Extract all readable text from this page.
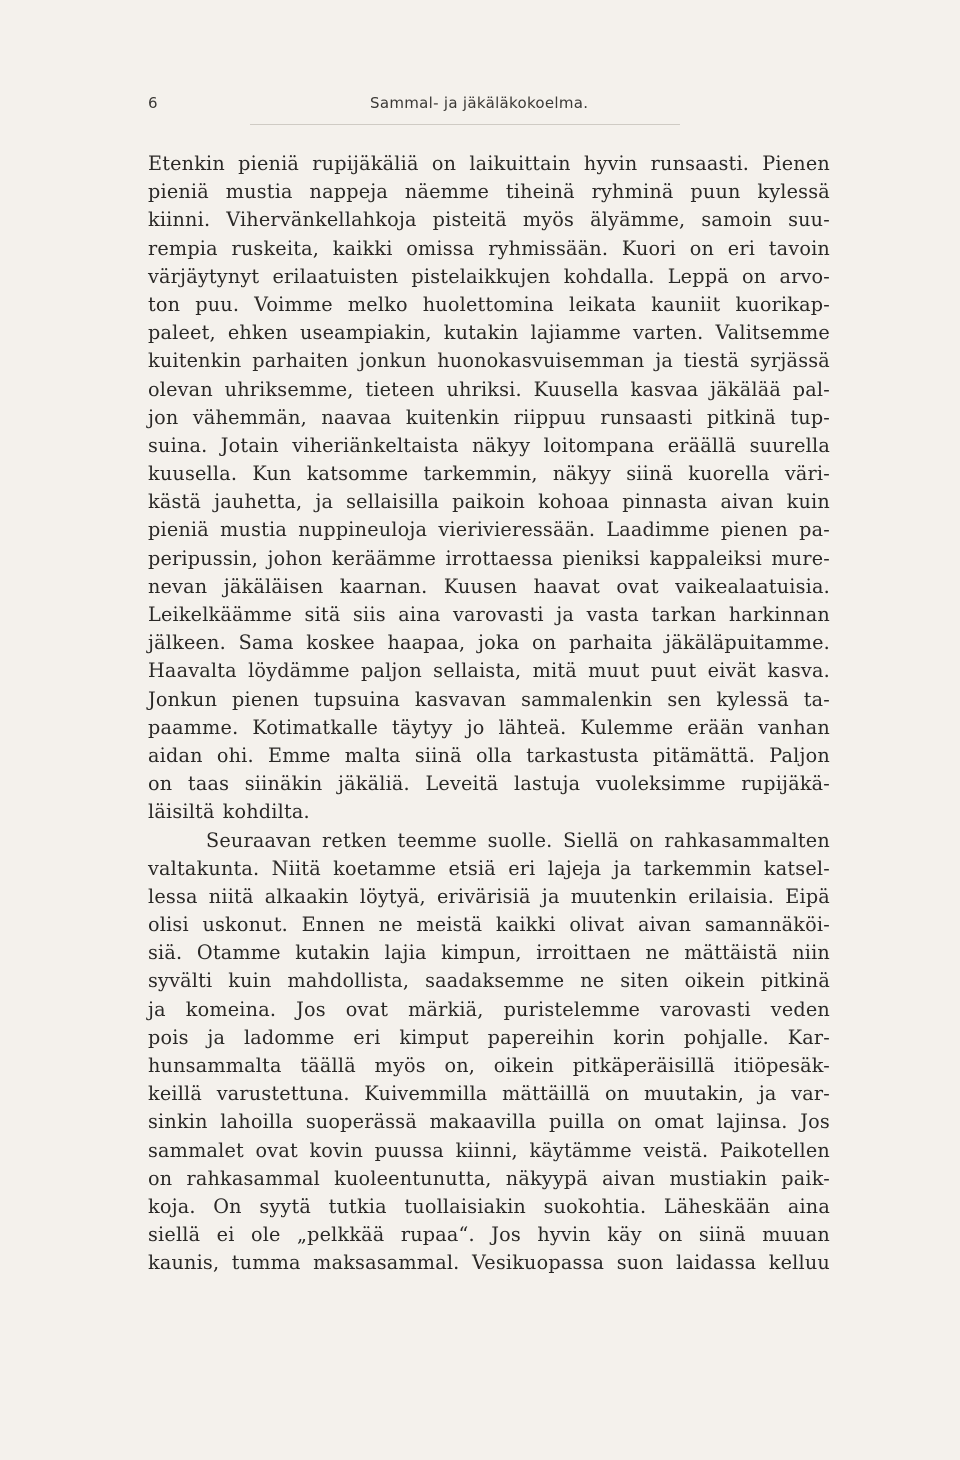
6	Sammal- ja jäkäläkokoelma.
Etenkin pieniä rupijäkäliä on laikuittain hyvin runsaasti. Pienen
pieniä mustia nappeja näemme tiheinä ryhminä puun kylessä
kiinni. Vihervänkellahkoja pisteitä myös älyämme, samoin suu-
rempia ruskeita, kaikki omissa ryhmissään. Kuori on eri tavoin
värjäytynyt erilaatuisten pistelaikkujen kohdalla. Leppä on arvo-
ton puu. Voimme melko huolettomina leikata kauniit kuorikap-
paleet, ehken useampiakin, kutakin lajiamme varten. Valitsemme
kuitenkin parhaiten jonkun huonokasvuisemman ja tiestä syrjässä
olevan uhriksemme, tieteen uhriksi. Kuusella kasvaa jäkälää pal-
jon vähemmän, naavaa kuitenkin riippuu runsaasti pitkinä tup-
suina. Jotain viheriänkeltaista näkyy loitompana eräällä suurella
kuusella. Kun katsomme tarkemmin, näkyy siinä kuorella väri-
kästä jauhetta, ja sellaisilla paikoin kohoaa pinnasta aivan kuin
pieniä mustia nuppineuloja vierivieressään. Laadimme pienen pa-
peripussin, johon keräämme irrottaessa pieniksi kappaleiksi mure-
nevan jäkäläisen kaarnan. Kuusen haavat ovat vaikealaatuisia.
Leikelkäämme sitä siis aina varovasti ja vasta tarkan harkinnan
jälkeen. Sama koskee haapaa, joka on parhaita jäkäläpuitamme.
Haavalta löydämme paljon sellaista, mitä muut puut eivät kasva.
Jonkun pienen tupsuina kasvavan sammalenkin sen kylessä ta-
paamme. Kotimatkalle täytyy jo lähteä. Kulemme erään vanhan
aidan ohi. Emme malta siinä olla tarkastusta pitämättä. Paljon
on taas siinäkin jäkäliä. Leveitä lastuja vuoleksimme rupijäkä-
läisiltä kohdilta.
Seuraavan retken teemme suolle. Siellä on rahkasammalten
valtakunta. Niitä koetamme etsiä eri lajeja ja tarkemmin katsel-
lessa niitä alkaakin löytyä, erivärisiä ja muutenkin erilaisia. Eipä
olisi uskonut. Ennen ne meistä kaikki olivat aivan samannäköi-
siä. Otamme kutakin lajia kimpun, irroittaen ne mättäistä niin
syvälti kuin mahdollista, saadaksemme ne siten oikein pitkinä
ja komeina. Jos ovat märkiä, puristelemme varovasti veden
pois ja ladomme eri kimput papereihin korin pohjalle. Kar-
hunsammalta täällä myös on, oikein pitkäperäisillä itiöpesäk-
keillä varustettuna. Kuivemmilla mättäillä on muutakin, ja var-
sinkin lahoilla suoperässä makaavilla puilla on omat lajinsa. Jos
sammalet ovat kovin puussa kiinni, käytämme veistä. Paikotellen
on rahkasammal kuoleentunutta, näkyypä aivan mustiakin paik-
koja. On syytä tutkia tuollaisiakin suokohtia. Läheskään aina
siellä ei ole „pelkkää rupaa“. Jos hyvin käy on siinä muuan
kaunis, tumma maksasammal. Vesikuopassa suon laidassa kelluu
